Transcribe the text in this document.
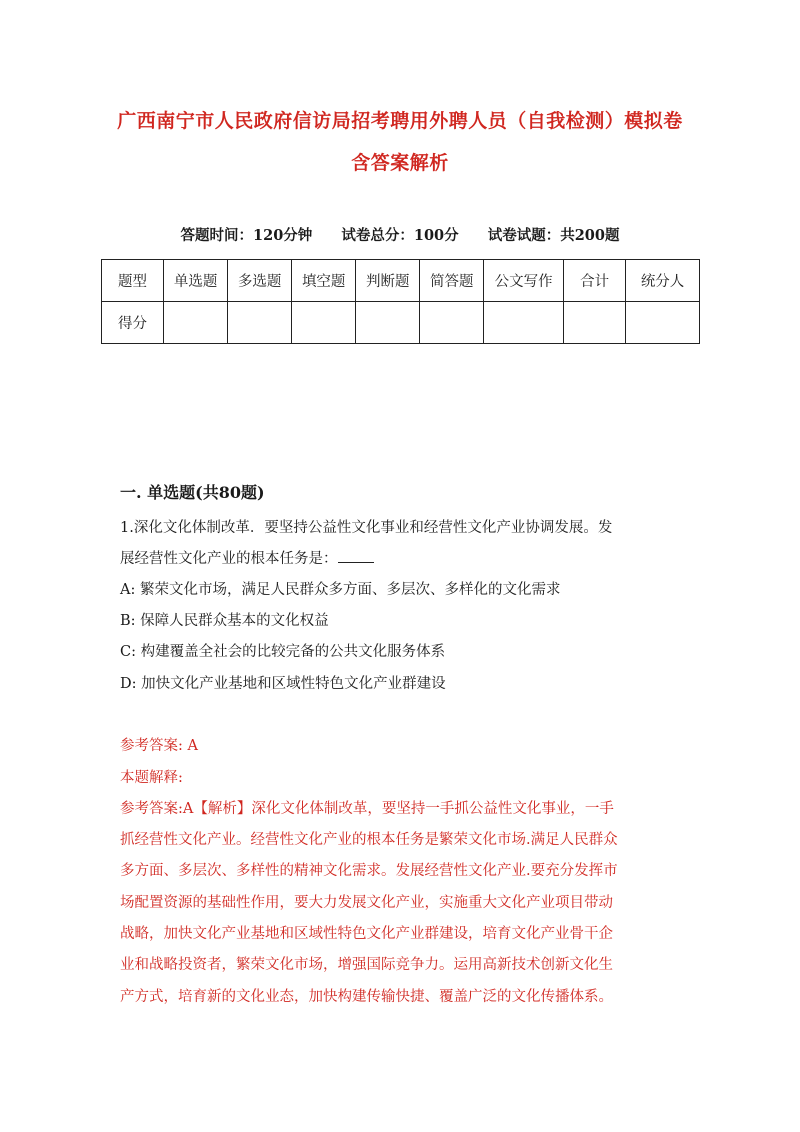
广西南宁市人民政府信访局招考聘用外聘人员（自我检测）模拟卷
含答案解析
答题时间：120分钟 试卷总分：100分 试卷试题：共200题
题型	单选题	多选题	填空题	判断题	简答题	公文写作	合计	统分人
得分								
一. 单选题(共80题)
1.深化文化体制改革．要坚持公益性文化事业和经营性文化产业协调发展。发
展经营性文化产业的根本任务是：
A: 繁荣文化市场，满足人民群众多方面、多层次、多样化的文化需求
B: 保障人民群众基本的文化权益
C: 构建覆盖全社会的比较完备的公共文化服务体系
D: 加快文化产业基地和区域性特色文化产业群建设
参考答案: A
本题解释:
参考答案:A【解析】深化文化体制改革，要坚持一手抓公益性文化事业，一手
抓经营性文化产业。经营性文化产业的根本任务是繁荣文化市场.满足人民群众
多方面、多层次、多样性的精神文化需求。发展经营性文化产业.要充分发挥市
场配置资源的基础性作用，要大力发展文化产业，实施重大文化产业项目带动
战略，加快文化产业基地和区域性特色文化产业群建设，培育文化产业骨干企
业和战略投资者，繁荣文化市场，增强国际竞争力。运用高新技术创新文化生
产方式，培育新的文化业态，加快构建传输快捷、覆盖广泛的文化传播体系。
